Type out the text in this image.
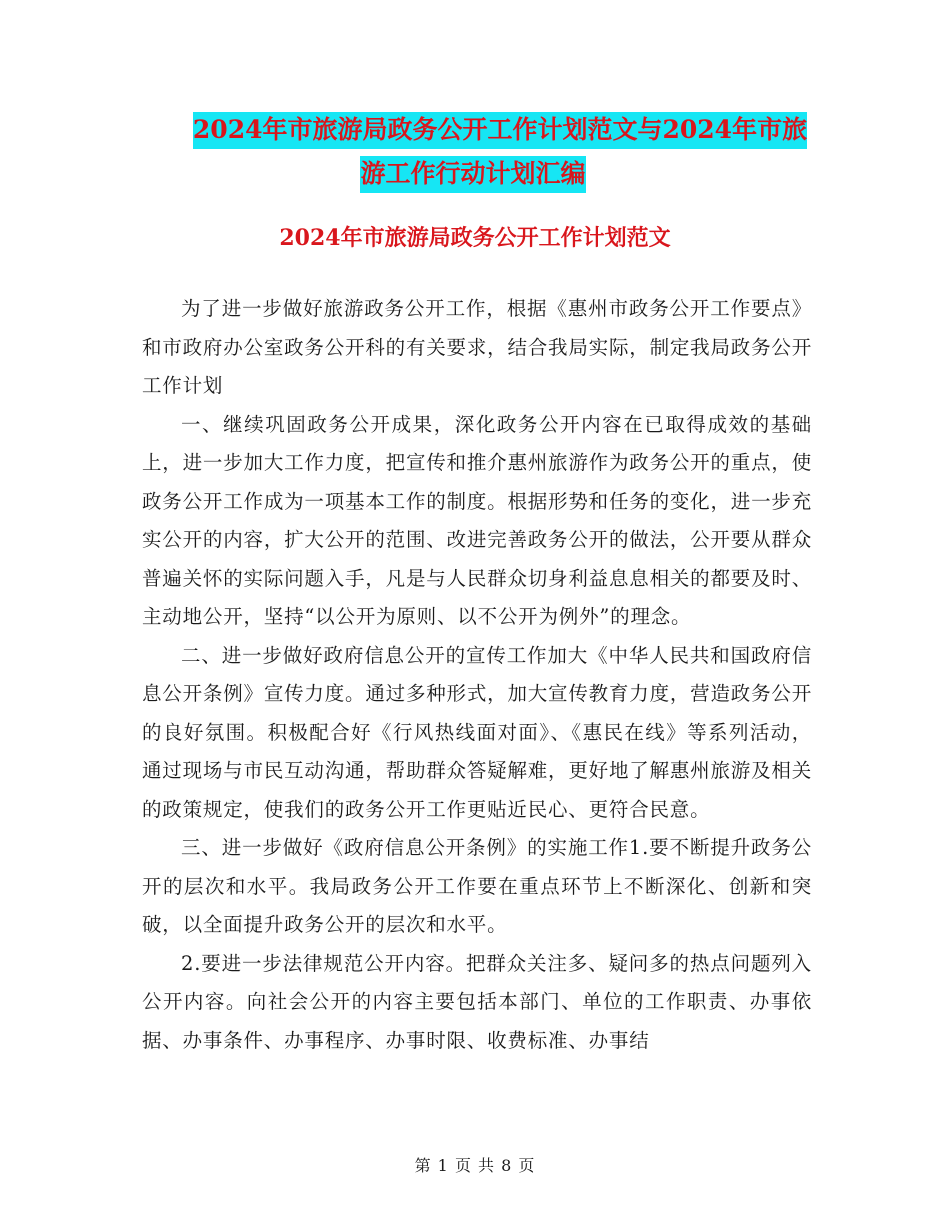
2024年市旅游局政务公开工作计划范文与2024年市旅
游工作行动计划汇编
2024年市旅游局政务公开工作计划范文

为了进一步做好旅游政务公开工作，根据《惠州市政务公开工作要点》和市政府办公室政务公开科的有关要求，结合我局实际，制定我局政务公开工作计划

一、继续巩固政务公开成果，深化政务公开内容在已取得成效的基础上，进一步加大工作力度，把宣传和推介惠州旅游作为政务公开的重点，使政务公开工作成为一项基本工作的制度。根据形势和任务的变化，进一步充实公开的内容，扩大公开的范围、改进完善政务公开的做法，公开要从群众普遍关怀的实际问题入手，凡是与人民群众切身利益息息相关的都要及时、主动地公开，坚持“以公开为原则、以不公开为例外”的理念。

二、进一步做好政府信息公开的宣传工作加大《中华人民共和国政府信息公开条例》宣传力度。通过多种形式，加大宣传教育力度，营造政务公开的良好氛围。积极配合好《行风热线面对面》、《惠民在线》等系列活动，通过现场与市民互动沟通，帮助群众答疑解难，更好地了解惠州旅游及相关的政策规定，使我们的政务公开工作更贴近民心、更符合民意。

三、进一步做好《政府信息公开条例》的实施工作1.要不断提升政务公开的层次和水平。我局政务公开工作要在重点环节上不断深化、创新和突破，以全面提升政务公开的层次和水平。

2.要进一步法律规范公开内容。把群众关注多、疑问多的热点问题列入公开内容。向社会公开的内容主要包括本部门、单位的工作职责、办事依据、办事条件、办事程序、办事时限、收费标准、办事结

第 1 页 共 8 页
